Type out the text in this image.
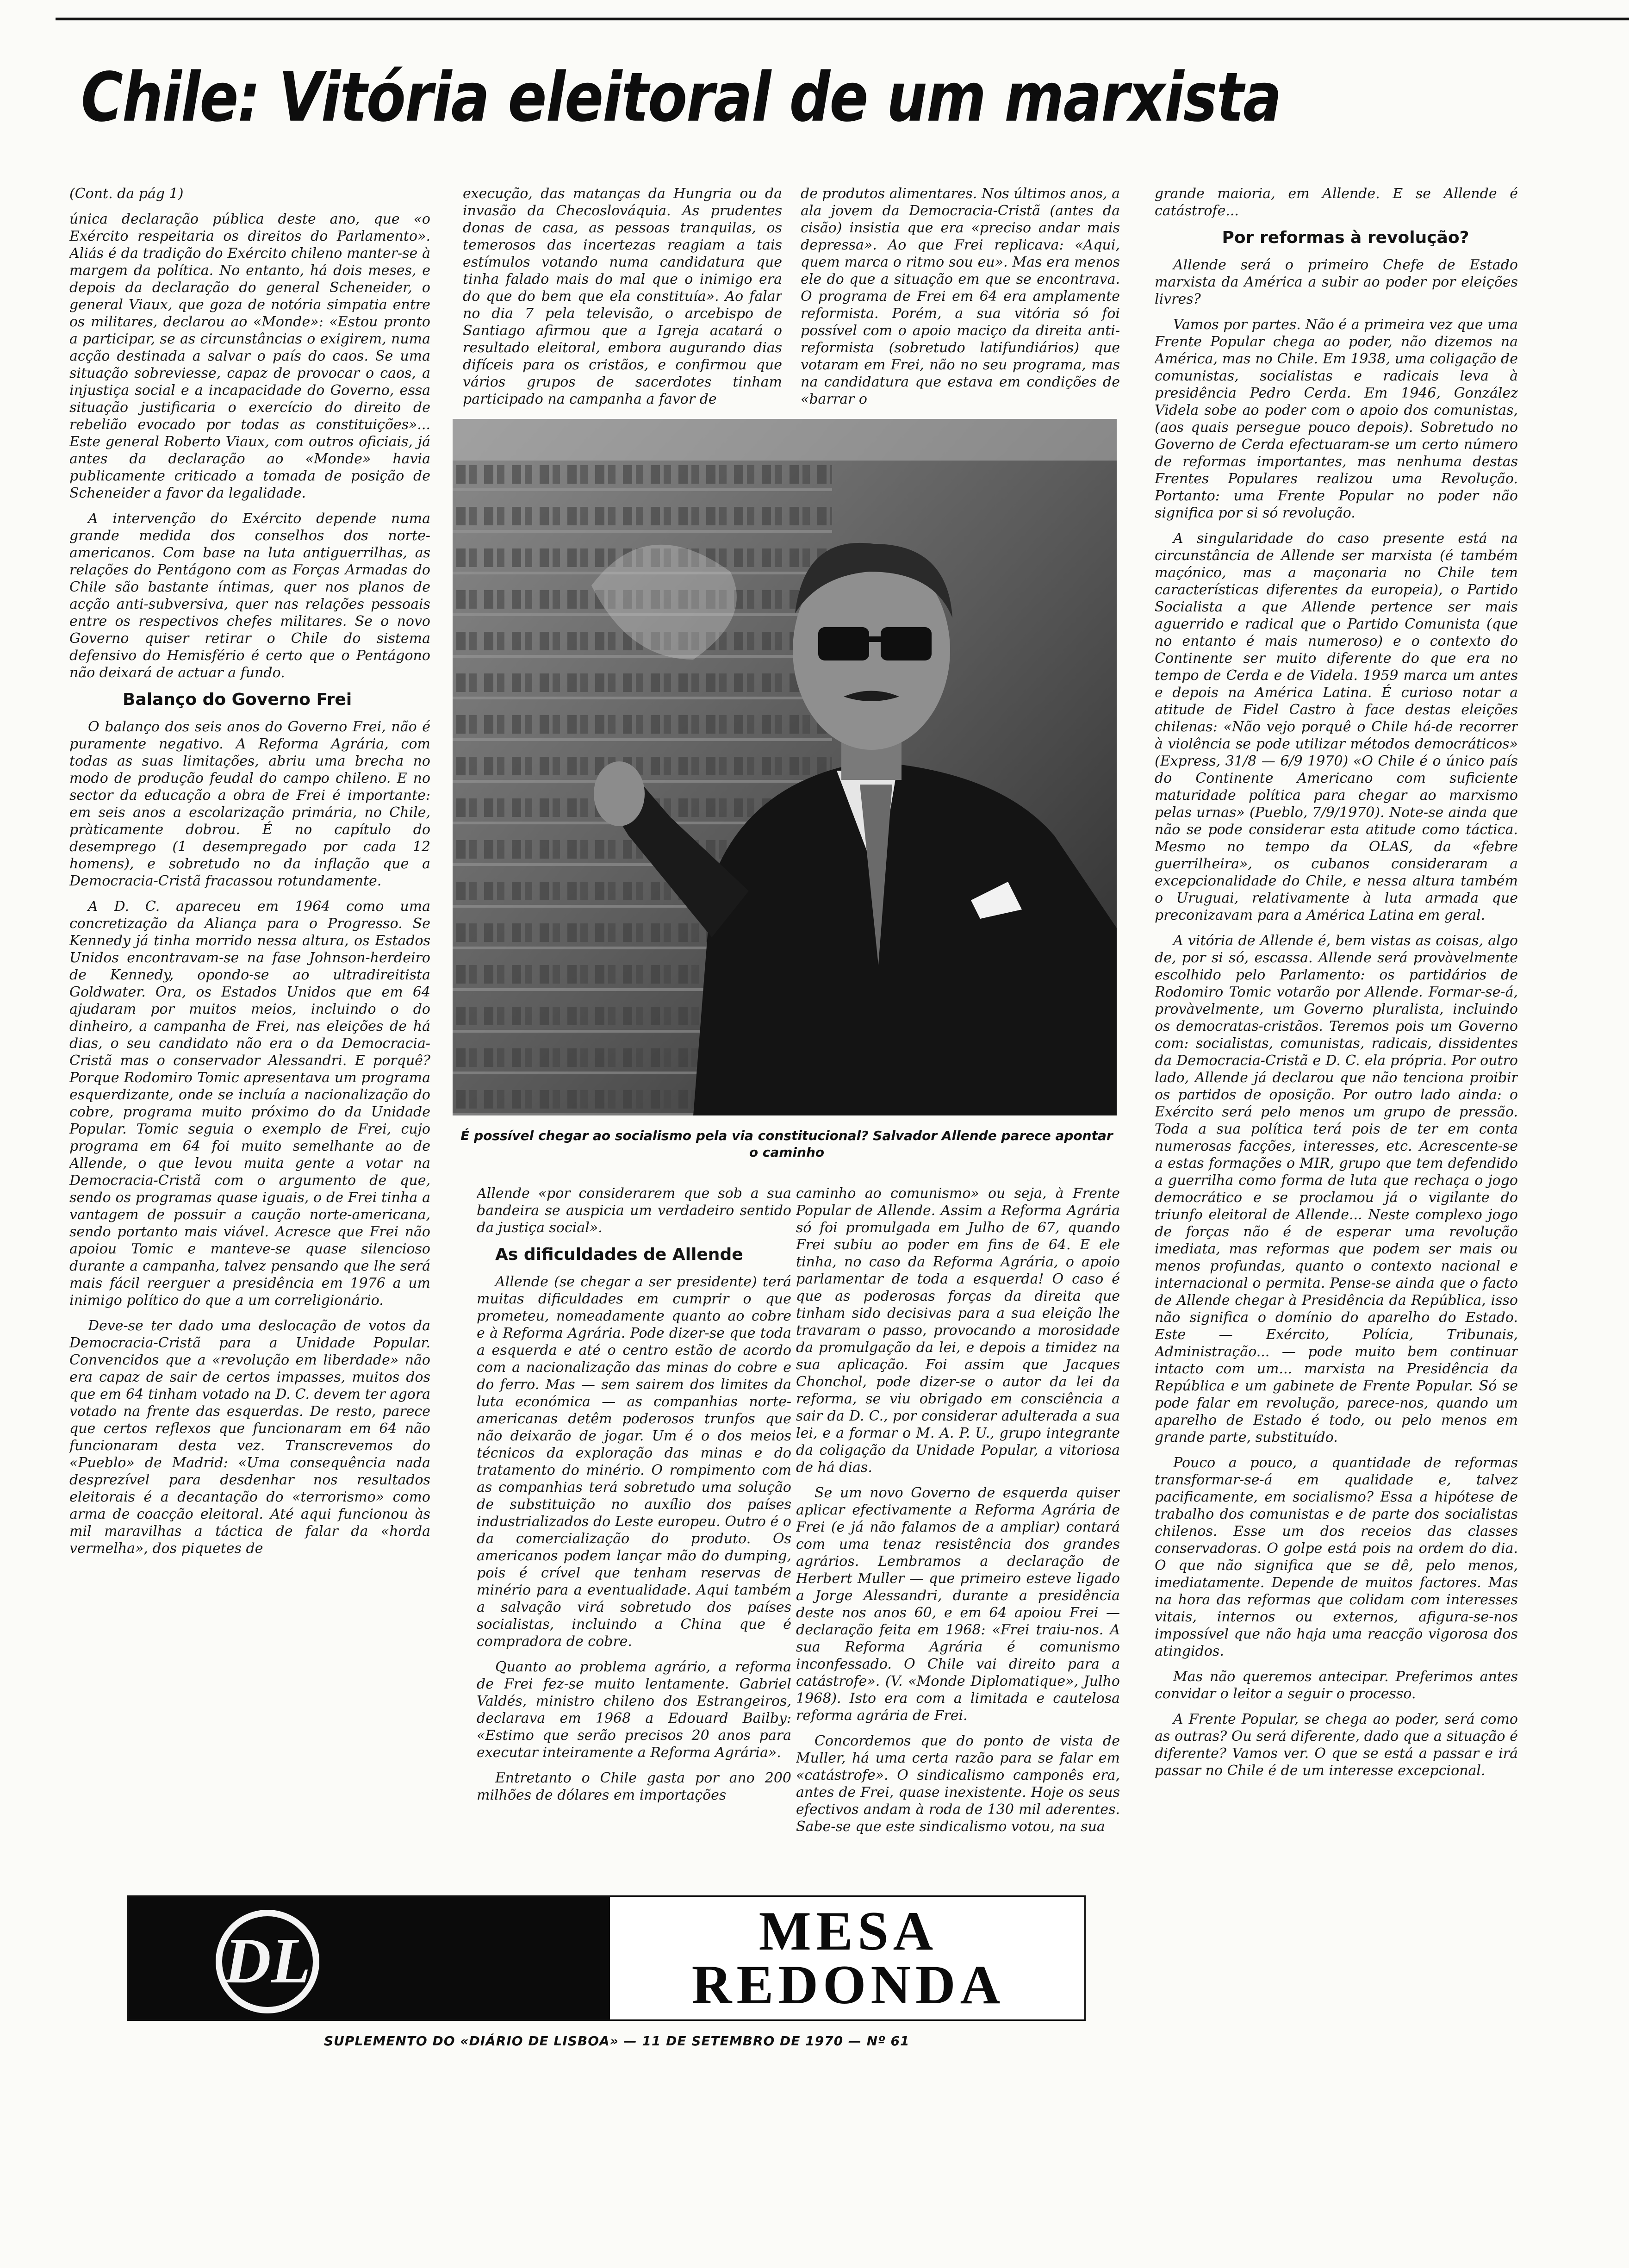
Chile: Vitória eleitoral de um marxista

(Cont. da pág 1)

única declaração pública deste ano, que «o Exército respeitaria os direitos do Parlamento». Aliás é da tradição do Exército chileno manter-se à margem da política. No entanto, há dois meses, e depois da declaração do general Scheneider, o general Viaux, que goza de notória simpatia entre os militares, declarou ao «Monde»: «Estou pronto a participar, se as circunstâncias o exigirem, numa acção destinada a salvar o país do caos. Se uma situação sobreviesse, capaz de provocar o caos, a injustiça social e a incapacidade do Governo, essa situação justificaria o exercício do direito de rebelião evocado por todas as constituições»... Este general Roberto Viaux, com outros oficiais, já antes da declaração ao «Monde» havia publicamente criticado a tomada de posição de Scheneider a favor da legalidade.

A intervenção do Exército depende numa grande medida dos conselhos dos norte-americanos. Com base na luta antiguerrilhas, as relações do Pentágono com as Forças Armadas do Chile são bastante íntimas, quer nos planos de acção anti-subversiva, quer nas relações pessoais entre os respectivos chefes militares. Se o novo Governo quiser retirar o Chile do sistema defensivo do Hemisfério é certo que o Pentágono não deixará de actuar a fundo.

Balanço do Governo Frei

O balanço dos seis anos do Governo Frei, não é puramente negativo. A Reforma Agrária, com todas as suas limitações, abriu uma brecha no modo de produção feudal do campo chileno. E no sector da educação a obra de Frei é importante: em seis anos a escolarização primária, no Chile, pràticamente dobrou. É no capítulo do desemprego (1 desempregado por cada 12 homens), e sobretudo no da inflação que a Democracia-Cristã fracassou rotundamente.

A D. C. apareceu em 1964 como uma concretização da Aliança para o Progresso. Se Kennedy já tinha morrido nessa altura, os Estados Unidos encontravam-se na fase Johnson-herdeiro de Kennedy, opondo-se ao ultradireitista Goldwater. Ora, os Estados Unidos que em 64 ajudaram por muitos meios, incluindo o do dinheiro, a campanha de Frei, nas eleições de há dias, o seu candidato não era o da Democracia-Cristã mas o conservador Alessandri. E porquê? Porque Rodomiro Tomic apresentava um programa esquerdizante, onde se incluía a nacionalização do cobre, programa muito próximo do da Unidade Popular. Tomic seguia o exemplo de Frei, cujo programa em 64 foi muito semelhante ao de Allende, o que levou muita gente a votar na Democracia-Cristã com o argumento de que, sendo os programas quase iguais, o de Frei tinha a vantagem de possuir a caução norte-americana, sendo portanto mais viável. Acresce que Frei não apoiou Tomic e manteve-se quase silencioso durante a campanha, talvez pensando que lhe será mais fácil reerguer a presidência em 1976 a um inimigo político do que a um correligionário.

Deve-se ter dado uma deslocação de votos da Democracia-Cristã para a Unidade Popular. Convencidos que a «revolução em liberdade» não era capaz de sair de certos impasses, muitos dos que em 64 tinham votado na D. C. devem ter agora votado na frente das esquerdas. De resto, parece que certos reflexos que funcionaram em 64 não funcionaram desta vez. Transcrevemos do «Pueblo» de Madrid: «Uma consequência nada desprezível para desdenhar nos resultados eleitorais é a decantação do «terrorismo» como arma de coacção eleitoral. Até aqui funcionou às mil maravilhas a táctica de falar da «horda vermelha», dos piquetes de

execução, das matanças da Hungria ou da invasão da Checoslováquia. As prudentes donas de casa, as pessoas tranquilas, os temerosos das incertezas reagiam a tais estímulos votando numa candidatura que tinha falado mais do mal que o inimigo era do que do bem que ela constituía». Ao falar no dia 7 pela televisão, o arcebispo de Santiago afirmou que a Igreja acatará o resultado eleitoral, embora augurando dias difíceis para os cristãos, e confirmou que vários grupos de sacerdotes tinham participado na campanha a favor de

de produtos alimentares. Nos últimos anos, a ala jovem da Democracia-Cristã (antes da cisão) insistia que era «preciso andar mais depressa». Ao que Frei replicava: «Aqui, quem marca o ritmo sou eu». Mas era menos ele do que a situação em que se encontrava. O programa de Frei em 64 era amplamente reformista. Porém, a sua vitória só foi possível com o apoio maciço da direita anti-reformista (sobretudo latifundiários) que votaram em Frei, não no seu programa, mas na candidatura que estava em condições de «barrar o

É possível chegar ao socialismo pela via constitucional? Salvador Allende parece apontar o caminho

Allende «por considerarem que sob a sua bandeira se auspicia um verdadeiro sentido da justiça social».

As dificuldades de Allende

Allende (se chegar a ser presidente) terá muitas dificuldades em cumprir o que prometeu, nomeadamente quanto ao cobre e à Reforma Agrária. Pode dizer-se que toda a esquerda e até o centro estão de acordo com a nacionalização das minas do cobre e do ferro. Mas — sem sairem dos limites da luta económica — as companhias norte-americanas detêm poderosos trunfos que não deixarão de jogar. Um é o dos meios técnicos da exploração das minas e do tratamento do minério. O rompimento com as companhias terá sobretudo uma solução de substituição no auxílio dos países industrializados do Leste europeu. Outro é o da comercialização do produto. Os americanos podem lançar mão do dumping, pois é crível que tenham reservas de minério para a eventualidade. Aqui também a salvação virá sobretudo dos países socialistas, incluindo a China que é compradora de cobre.

Quanto ao problema agrário, a reforma de Frei fez-se muito lentamente. Gabriel Valdés, ministro chileno dos Estrangeiros, declarava em 1968 a Edouard Bailby: «Estimo que serão precisos 20 anos para executar inteiramente a Reforma Agrária».

Entretanto o Chile gasta por ano 200 milhões de dólares em importações

caminho ao comunismo» ou seja, à Frente Popular de Allende. Assim a Reforma Agrária só foi promulgada em Julho de 67, quando Frei subiu ao poder em fins de 64. E ele tinha, no caso da Reforma Agrária, o apoio parlamentar de toda a esquerda! O caso é que as poderosas forças da direita que tinham sido decisivas para a sua eleição lhe travaram o passo, provocando a morosidade da promulgação da lei, e depois a timidez na sua aplicação. Foi assim que Jacques Chonchol, pode dizer-se o autor da lei da reforma, se viu obrigado em consciência a sair da D. C., por considerar adulterada a sua lei, e a formar o M. A. P. U., grupo integrante da coligação da Unidade Popular, a vitoriosa de há dias.

Se um novo Governo de esquerda quiser aplicar efectivamente a Reforma Agrária de Frei (e já não falamos de a ampliar) contará com uma tenaz resistência dos grandes agrários. Lembramos a declaração de Herbert Muller — que primeiro esteve ligado a Jorge Alessandri, durante a presidência deste nos anos 60, e em 64 apoiou Frei — declaração feita em 1968: «Frei traiu-nos. A sua Reforma Agrária é comunismo inconfessado. O Chile vai direito para a catástrofe». (V. «Monde Diplomatique», Julho 1968). Isto era com a limitada e cautelosa reforma agrária de Frei.

Concordemos que do ponto de vista de Muller, há uma certa razão para se falar em «catástrofe». O sindicalismo camponês era, antes de Frei, quase inexistente. Hoje os seus efectivos andam à roda de 130 mil aderentes. Sabe-se que este sindicalismo votou, na sua

grande maioria, em Allende. E se Allende é catástrofe...

Por reformas à revolução?

Allende será o primeiro Chefe de Estado marxista da América a subir ao poder por eleições livres?

Vamos por partes. Não é a primeira vez que uma Frente Popular chega ao poder, não dizemos na América, mas no Chile. Em 1938, uma coligação de comunistas, socialistas e radicais leva à presidência Pedro Cerda. Em 1946, González Videla sobe ao poder com o apoio dos comunistas, (aos quais persegue pouco depois). Sobretudo no Governo de Cerda efectuaram-se um certo número de reformas importantes, mas nenhuma destas Frentes Populares realizou uma Revolução. Portanto: uma Frente Popular no poder não significa por si só revolução.

A singularidade do caso presente está na circunstância de Allende ser marxista (é também maçónico, mas a maçonaria no Chile tem características diferentes da europeia), o Partido Socialista a que Allende pertence ser mais aguerrido e radical que o Partido Comunista (que no entanto é mais numeroso) e o contexto do Continente ser muito diferente do que era no tempo de Cerda e de Videla. 1959 marca um antes e depois na América Latina. É curioso notar a atitude de Fidel Castro à face destas eleições chilenas: «Não vejo porquê o Chile há-de recorrer à violência se pode utilizar métodos democráticos» (Express, 31/8 — 6/9 1970) «O Chile é o único país do Continente Americano com suficiente maturidade política para chegar ao marxismo pelas urnas» (Pueblo, 7/9/1970). Note-se ainda que não se pode considerar esta atitude como táctica. Mesmo no tempo da OLAS, da «febre guerrilheira», os cubanos consideraram a excepcionalidade do Chile, e nessa altura também o Uruguai, relativamente à luta armada que preconizavam para a América Latina em geral.

A vitória de Allende é, bem vistas as coisas, algo de, por si só, escassa. Allende será provàvelmente escolhido pelo Parlamento: os partidários de Rodomiro Tomic votarão por Allende. Formar-se-á, provàvelmente, um Governo pluralista, incluindo os democratas-cristãos. Teremos pois um Governo com: socialistas, comunistas, radicais, dissidentes da Democracia-Cristã e D. C. ela própria. Por outro lado, Allende já declarou que não tenciona proibir os partidos de oposição. Por outro lado ainda: o Exército será pelo menos um grupo de pressão. Toda a sua política terá pois de ter em conta numerosas facções, interesses, etc. Acrescente-se a estas formações o MIR, grupo que tem defendido a guerrilha como forma de luta que rechaça o jogo democrático e se proclamou já o vigilante do triunfo eleitoral de Allende... Neste complexo jogo de forças não é de esperar uma revolução imediata, mas reformas que podem ser mais ou menos profundas, quanto o contexto nacional e internacional o permita. Pense-se ainda que o facto de Allende chegar à Presidência da República, isso não significa o domínio do aparelho do Estado. Este — Exército, Polícia, Tribunais, Administração... — pode muito bem continuar intacto com um... marxista na Presidência da República e um gabinete de Frente Popular. Só se pode falar em revolução, parece-nos, quando um aparelho de Estado é todo, ou pelo menos em grande parte, substituído.

Pouco a pouco, a quantidade de reformas transformar-se-á em qualidade e, talvez pacificamente, em socialismo? Essa a hipótese de trabalho dos comunistas e de parte dos socialistas chilenos. Esse um dos receios das classes conservadoras. O golpe está pois na ordem do dia. O que não significa que se dê, pelo menos, imediatamente. Depende de muitos factores. Mas na hora das reformas que colidam com interesses vitais, internos ou externos, afigura-se-nos impossível que não haja uma reacção vigorosa dos atingidos.

Mas não queremos antecipar. Preferimos antes convidar o leitor a seguir o processo.

A Frente Popular, se chega ao poder, será como as outras? Ou será diferente, dado que a situação é diferente? Vamos ver. O que se está a passar e irá passar no Chile é de um interesse excepcional.

DL	MESA
REDONDA

SUPLEMENTO DO «DIÁRIO DE LISBOA» — 11 DE SETEMBRO DE 1970 — Nº 61
